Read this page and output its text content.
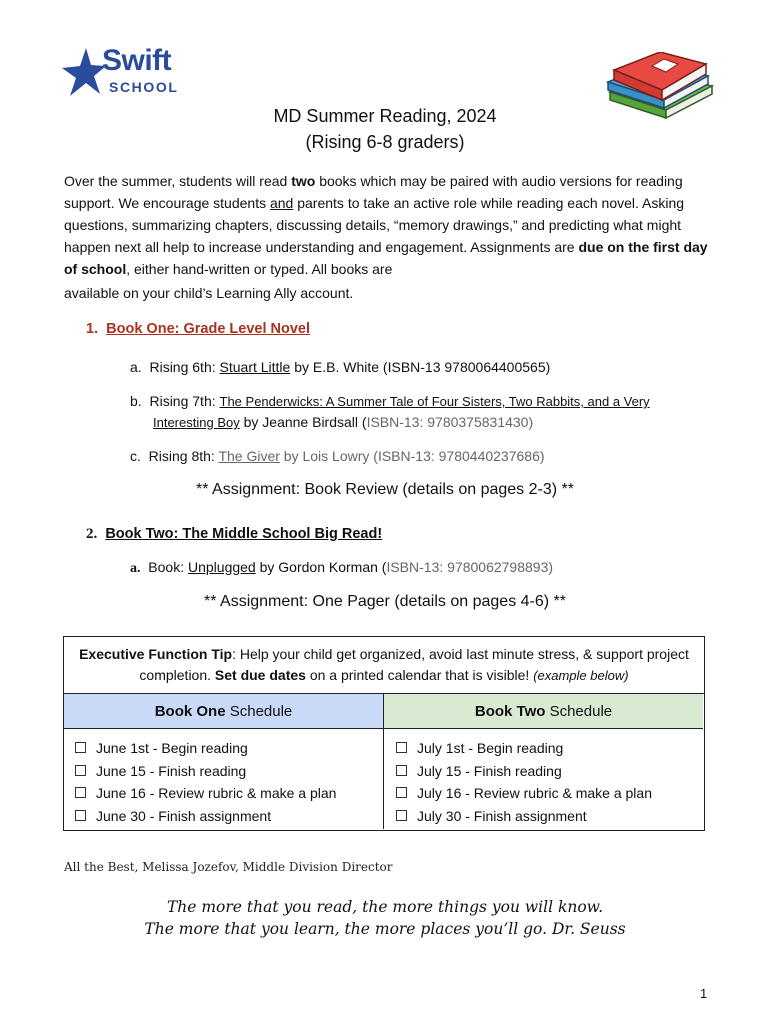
Swift
SCHOOL
MD Summer Reading, 2024
(Rising 6-8 graders)

Over the summer, students will read two books which may be paired with audio versions for reading support. We encourage students and parents to take an active role while reading each novel. Asking questions, summarizing chapters, discussing details, “memory drawings,” and predicting what might happen next all help to increase understanding and engagement. Assignments are due on the first day of school, either hand-written or typed. All books are

available on your child’s Learning Ally account.

1. Book One: Grade Level Novel
a. Rising 6th: Stuart Little by E.B. White (ISBN-13 9780064400565)
b. Rising 7th: The Penderwicks: A Summer Tale of Four Sisters, Two Rabbits, and a Very
Interesting Boy by Jeanne Birdsall (ISBN-13: 9780375831430)
c. Rising 8th: The Giver by Lois Lowry (ISBN-13: 9780440237686)
** Assignment: Book Review (details on pages 2-3) **
2. Book Two: The Middle School Big Read!
a. Book: Unplugged by Gordon Korman (ISBN-13: 9780062798893)
** Assignment: One Pager (details on pages 4-6) **
Executive Function Tip: Help your child get organized, avoid last minute stress, & support project completion. Set due dates on a printed calendar that is visible! (example below)
Book One Schedule	Book Two Schedule
June 1st - Begin reading
June 15 - Finish reading
June 16 - Review rubric & make a plan
June 30 - Finish assignment
July 1st - Begin reading
July 15 - Finish reading
July 16 - Review rubric & make a plan
July 30 - Finish assignment
All the Best, Melissa Jozefov, Middle Division Director
The more that you read, the more things you will know.
The more that you learn, the more places you’ll go. Dr. Seuss
1
